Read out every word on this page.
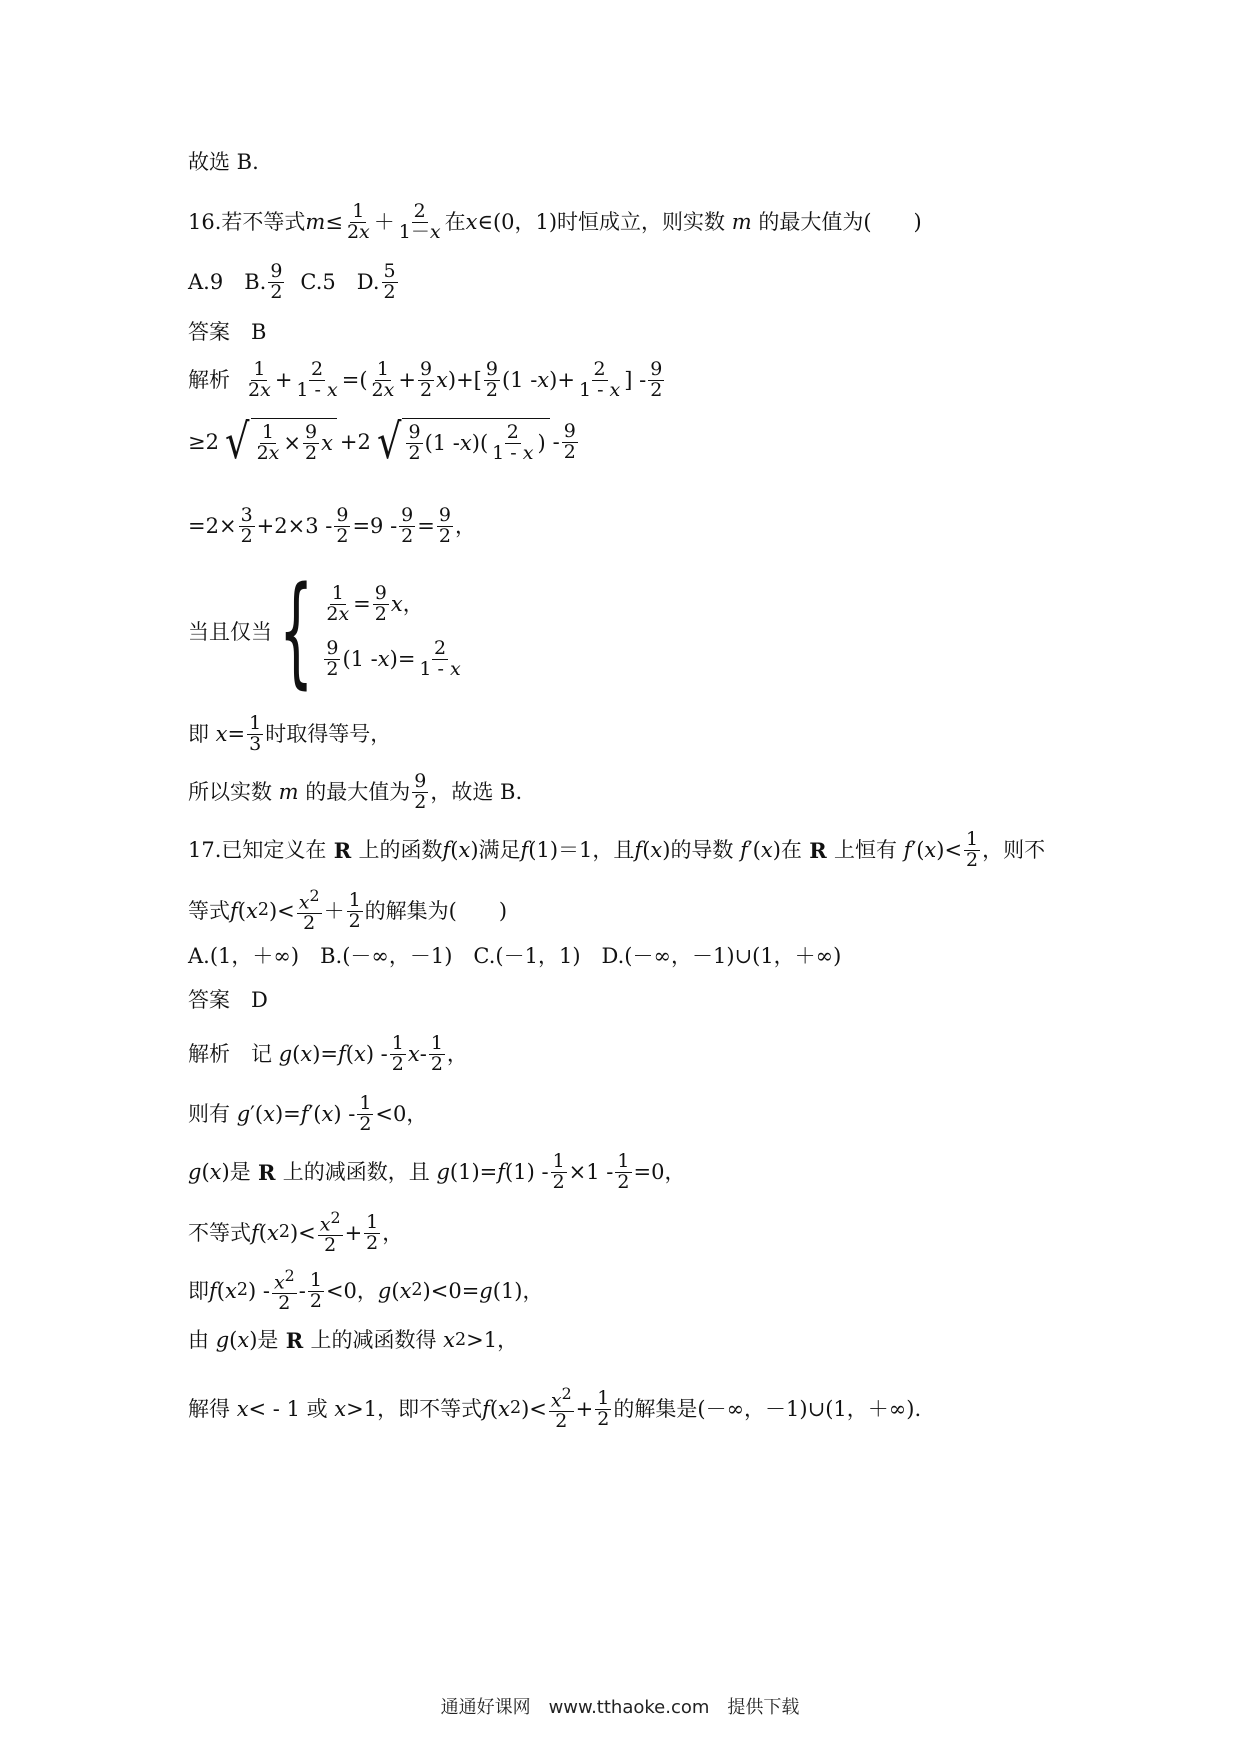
故选 B.
16.若不等式 $m \le \frac{1}{2x} + \frac{2}{1-x}$ 在 x ∈(0，1)时恒成立，则实数 m 的最大值为(　　)
A.9　B. $\frac{9}{2} C.5$　D. $\frac{5}{2}$
答案　B
解析 $\frac{1}{2x} + \frac{2}{1 - x}$ =( $\frac{1}{2x} + \frac{9}{2}$ x )+[ $\frac{9}{2} (1$ - x )+ $\frac{2}{1 - x}$ ] - $\frac{9}{2}$
≥2 √ $\frac{1}{2x} \times \frac{9}{2}$ x +2 √ $\frac{9}{2} (1$ - x )( $\frac{2}{1 - x}$ ) - $\frac{9}{2}$
$=2\times \frac{3}{2} +2\times 3 - \frac{9}{2} =9 - \frac{9}{2} = \frac{9}{2}$ ，
当且仅当 { $\frac{1}{2x} = \frac{9}{2}$ x ，
$\frac{9}{2} (1$ - x )= $\frac{2}{1 - x}$
即 $x = \frac{1}{3}$ 时取得等号，
所以实数 m 的最大值为 $\frac{9}{2}$ ，故选 B.
17.已知定义在 R 上的函数 f ( x ) 满足 f (1)＝1 ，且 f ( x ) 的导数 f ′( x ) 在 R 上恒有 f ′( x )< $\frac{1}{2}$ ，则不
等式 f ( x 2 )< $\frac{x^2}{2} + \frac{1}{2}$ 的解集为(　　)
A.(1，＋∞)　B.(－∞，－1)　C.(－1，1)　D.(－∞，－1)∪(1，＋∞)
答案　D
解析　记
g ( x )= f ( x ) - $\frac{1}{2}$ x - $\frac{1}{2}$ ，
则有
g ′( x )= f ′( x ) - $\frac{1}{2} <0$，
g ( x ) 是 R 上的减函数，且
g (1)= f $(1) - \frac{1}{2} \times 1 - \frac{1}{2} =0$，
不等式 f ( x 2 )< $\frac{x^2}{2} + \frac{1}{2}$ ，
即 f ( x 2 ) - $\frac{x^2}{2} - \frac{1}{2} <0$， g ( x 2 )<0= g (1)，
由
g ( x ) 是 R 上的减函数得
x 2 >1，
解得
x < - 1 或
x >1 ，即不等式 f ( x 2 )< $\frac{x^2}{2} + \frac{1}{2}$ 的解集是(－∞，－1)∪(1，＋∞).
通通好课网　www.tthaoke.com　提供下载
